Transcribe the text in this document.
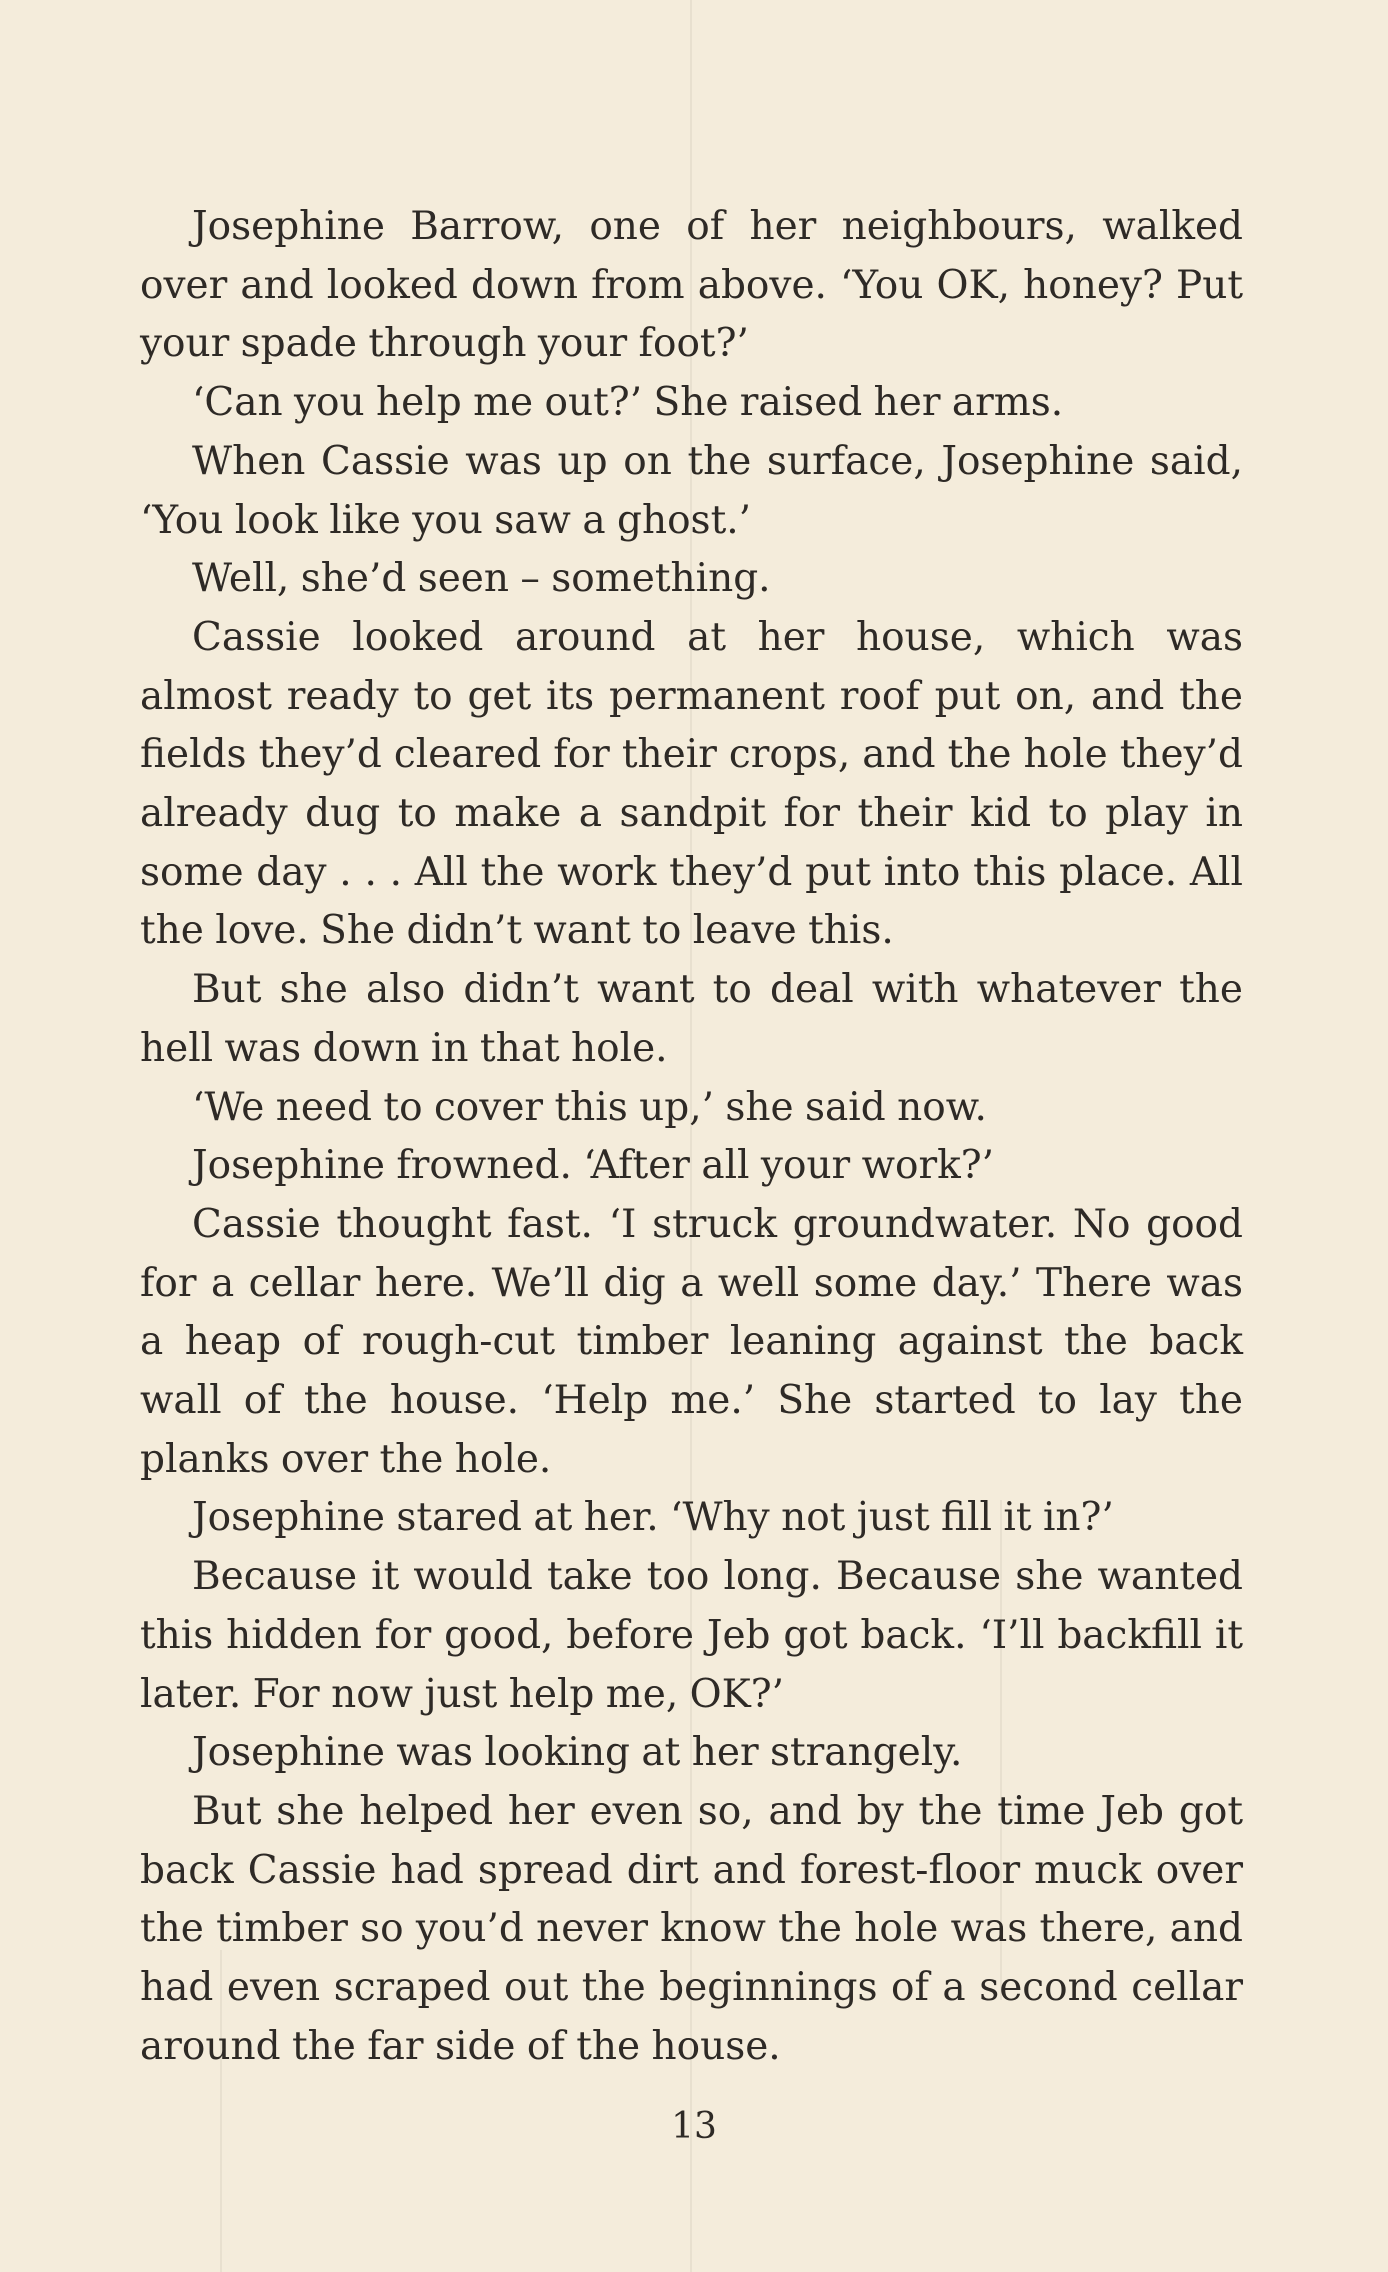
Josephine Barrow, one of her neighbours, walked over and looked down from above. ‘You OK, honey? Put your spade through your foot?’

‘Can you help me out?’ She raised her arms.

When Cassie was up on the surface, Josephine said, ‘You look like you saw a ghost.’

Well, she’d seen – something.

Cassie looked around at her house, which was almost ready to get its permanent roof put on, and the fields they’d cleared for their crops, and the hole they’d already dug to make a sandpit for their kid to play in some day . . . All the work they’d put into this place. All the love. She didn’t want to leave this.

But she also didn’t want to deal with whatever the hell was down in that hole.

‘We need to cover this up,’ she said now.

Josephine frowned. ‘After all your work?’

Cassie thought fast. ‘I struck groundwater. No good for a cellar here. We’ll dig a well some day.’ There was a heap of rough-cut timber leaning against the back wall of the house. ‘Help me.’ She started to lay the planks over the hole.

Josephine stared at her. ‘Why not just fill it in?’

Because it would take too long. Because she wanted this hidden for good, before Jeb got back. ‘I’ll backfill it later. For now just help me, OK?’

Josephine was looking at her strangely.

But she helped her even so, and by the time Jeb got back Cassie had spread dirt and forest-floor muck over the timber so you’d never know the hole was there, and had even scraped out the beginnings of a second cellar around the far side of the house.

13
